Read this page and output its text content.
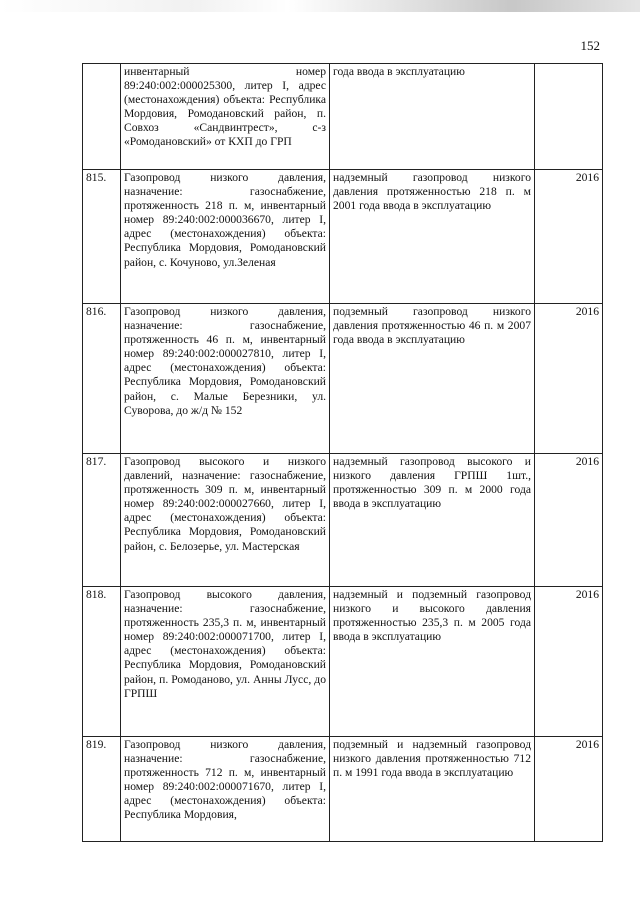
152
	инвентарный номер 89:240:002:000025300, литер I, адрес (местонахождения) объекта: Республика Мордовия, Ромодановский район, п. Совхоз «Сандвинтрест», с-з «Ромодановский» от КХП до ГРП	года ввода в эксплуатацию	
815.	Газопровод низкого давления, назначение: газоснабжение, протяженность 218 п. м, инвентарный номер 89:240:002:000036670, литер I, адрес (местонахождения) объекта: Республика Мордовия, Ромодановский район, с. Кочуново, ул.Зеленая	надземный газопровод низкого давления протяженностью 218 п. м 2001 года ввода в эксплуатацию	2016
816.	Газопровод низкого давления, назначение: газоснабжение, протяженность 46 п. м, инвентарный номер 89:240:002:000027810, литер I, адрес (местонахождения) объекта: Республика Мордовия, Ромодановский район, с. Малые Березники, ул. Суворова, до ж/д № 152	подземный газопровод низкого давления протяженностью 46 п. м 2007 года ввода в эксплуатацию	2016
817.	Газопровод высокого и низкого давлений, назначение: газоснабжение, протяженность 309 п. м, инвентарный номер 89:240:002:000027660, литер I, адрес (местонахождения) объекта: Республика Мордовия, Ромодановский район, с. Белозерье, ул. Мастерская	надземный газопровод высокого и низкого давления ГРПШ 1шт., протяженностью 309 п. м 2000 года ввода в эксплуатацию	2016
818.	Газопровод высокого давления, назначение: газоснабжение, протяженность 235,3 п. м, инвентарный номер 89:240:002:000071700, литер I, адрес (местонахождения) объекта: Республика Мордовия, Ромодановский район, п. Ромоданово, ул. Анны Лусс, до ГРПШ	надземный и подземный газопровод низкого и высокого давления протяженностью 235,3 п. м 2005 года ввода в эксплуатацию	2016
819.	Газопровод низкого давления, назначение: газоснабжение, протяженность 712 п. м, инвентарный номер 89:240:002:000071670, литер I, адрес (местонахождения) объекта: Республика Мордовия,	подземный и надземный газопровод низкого давления протяженностью 712 п. м 1991 года ввода в эксплуатацию	2016
